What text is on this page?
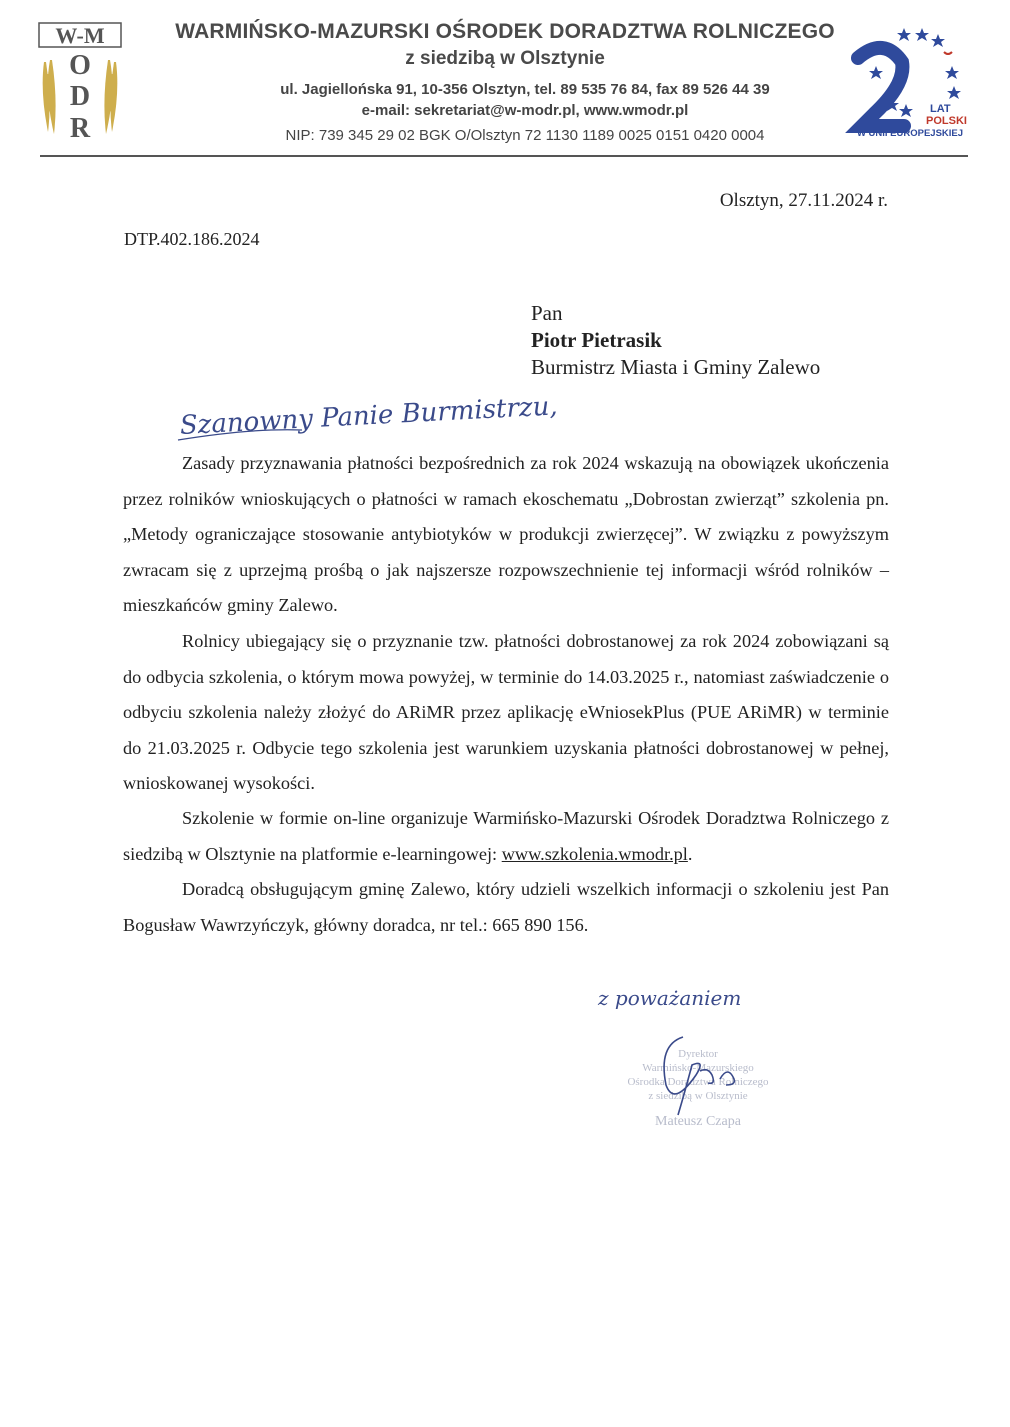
W-M
O
D
R
WARMIŃSKO-MAZURSKI OŚRODEK DORADZTWA ROLNICZEGO
z siedzibą w Olsztynie
ul. Jagiellońska 91, 10-356 Olsztyn, tel. 89 535 76 84, fax 89 526 44 39
e-mail: sekretariat@w-modr.pl, www.wmodr.pl
NIP: 739 345 29 02 BGK O/Olsztyn 72 1130 1189 0025 0151 0420 0004
LAT
POLSKI
W UNII EUROPEJSKIEJ
Olsztyn, 27.11.2024 r.
DTP.402.186.2024
Pan
Piotr Pietrasik
Burmistrz Miasta i Gminy Zalewo
Szanowny Panie Burmistrzu,

Zasady przyznawania płatności bezpośrednich za rok 2024 wskazują na obowiązek ukończenia przez rolników wnioskujących o płatności w ramach ekoschematu „Dobrostan zwierząt” szkolenia pn. „Metody ograniczające stosowanie antybiotyków w produkcji zwierzęcej”. W związku z powyższym zwracam się z uprzejmą prośbą o jak najszersze rozpowszechnienie tej informacji wśród rolników – mieszkańców gminy Zalewo.

Rolnicy ubiegający się o przyznanie tzw. płatności dobrostanowej za rok 2024 zobowiązani są do odbycia szkolenia, o którym mowa powyżej, w terminie do 14.03.2025 r., natomiast zaświadczenie o odbyciu szkolenia należy złożyć do ARiMR przez aplikację eWniosekPlus (PUE ARiMR) w terminie do 21.03.2025 r. Odbycie tego szkolenia jest warunkiem uzyskania płatności dobrostanowej w pełnej, wnioskowanej wysokości.

Szkolenie w formie on-line organizuje Warmińsko-Mazurski Ośrodek Doradztwa Rolniczego z siedzibą w Olsztynie na platformie e-learningowej: www.szkolenia.wmodr.pl.

Doradcą obsługującym gminę Zalewo, który udzieli wszelkich informacji o szkoleniu jest Pan Bogusław Wawrzyńczyk, główny doradca, nr tel.: 665 890 156.

z poważaniem
Dyrektor
Warmińsko-Mazurskiego
Ośrodka Doradztwa Rolniczego
z siedzibą w Olsztynie
Mateusz Czapa
